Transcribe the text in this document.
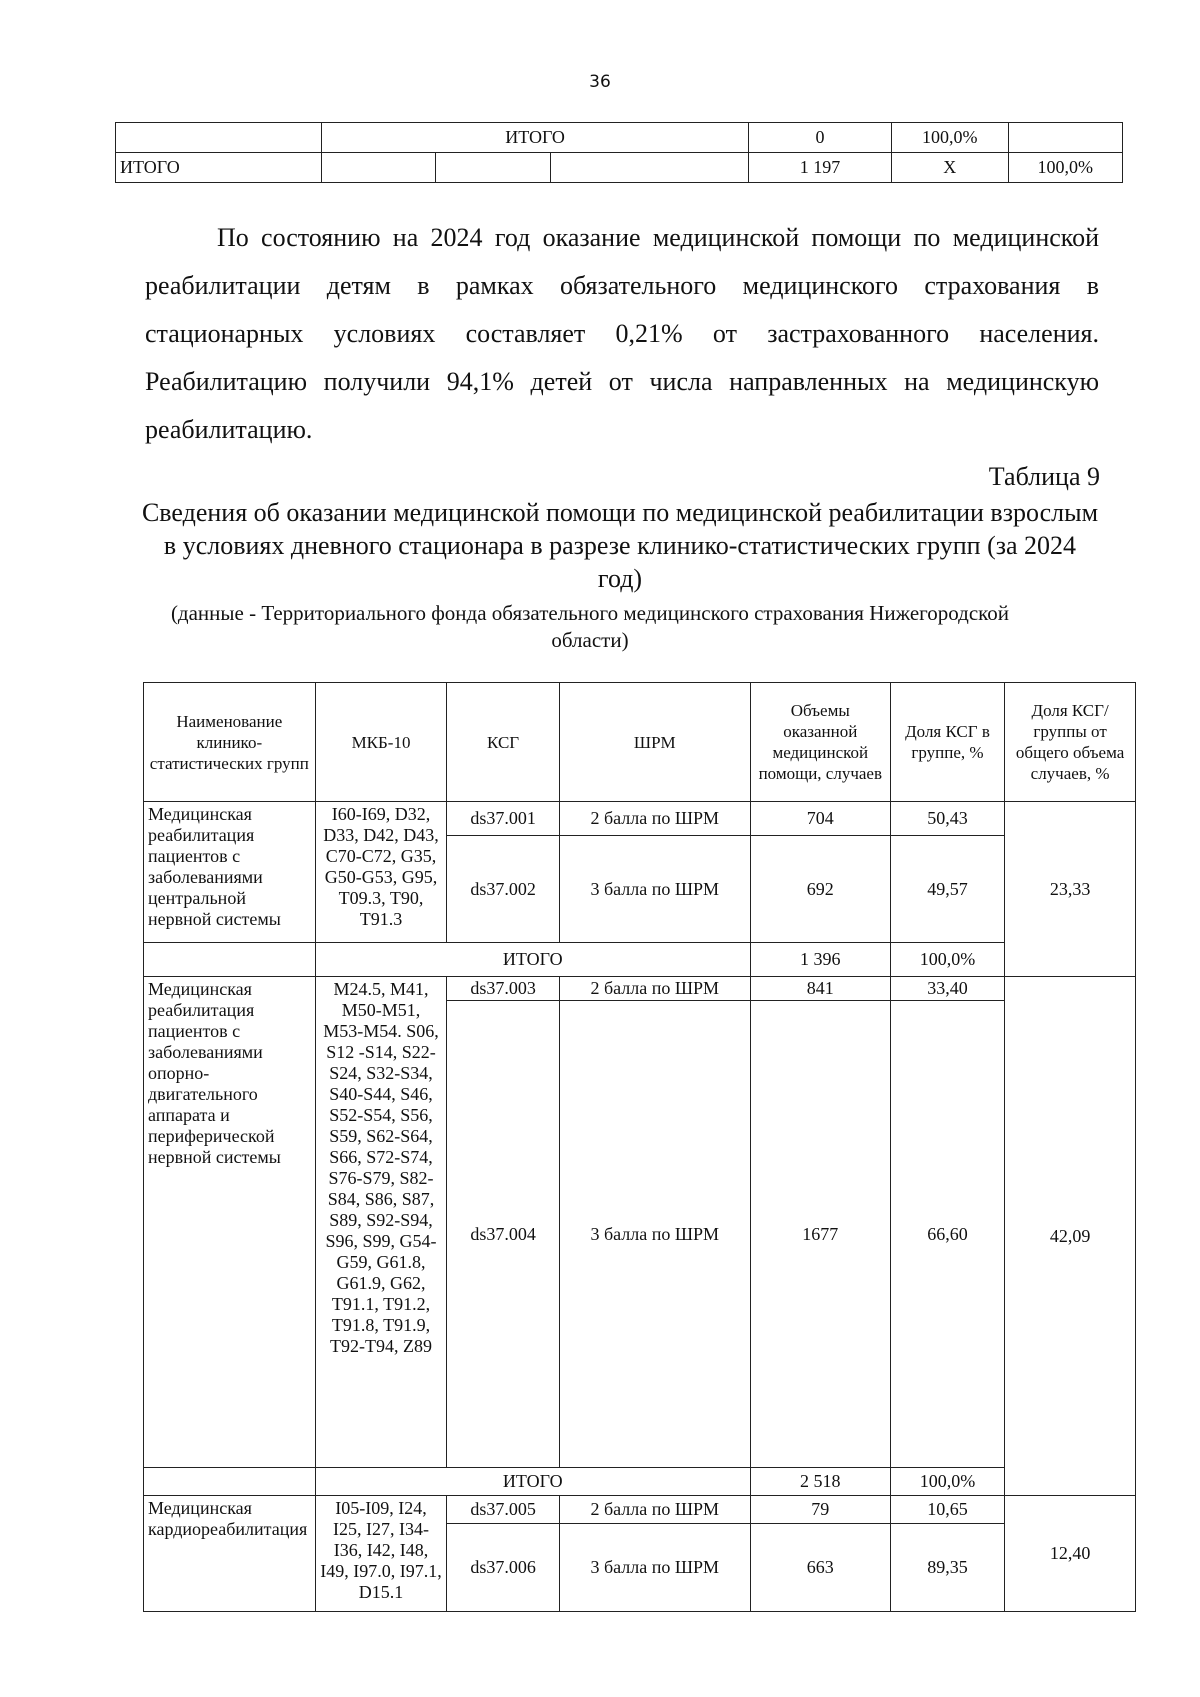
36
	ИТОГО			0	100,0%	
ИТОГО				1 197	Х	100,0%
По состоянию на 2024 год оказание медицинской помощи по медицинской реабилитации детям в рамках обязательного медицинского страхования в стационарных условиях составляет 0,21% от застрахованного населения. Реабилитацию получили 94,1% детей от числа направленных на медицинскую реабилитацию.
Таблица 9
Сведения об оказании медицинской помощи по медицинской реабилитации взрослым в условиях дневного стационара в разрезе клинико-статистических групп (за 2024 год)
(данные - Территориального фонда обязательного медицинского страхования Нижегородской области)
Наименование клинико-статистических групп	МКБ-10	КСГ	ШРМ	Объемы оказанной медицинской помощи, случаев	Доля КСГ в группе, %	Доля КСГ/группы от общего объема случаев, %
Медицинская реабилитация пациентов с заболеваниями центральной нервной системы	I60-I69, D32, D33, D42, D43, C70-C72, G35, G50-G53, G95, T09.3, T90, T91.3	ds37.001	2 балла по ШРМ	704	50,43	23,33
		ds37.002	3 балла по ШРМ	692	49,57	
	ИТОГО			1 396	100,0%	
Медицинская реабилитация пациентов с заболеваниями опорно-двигательного аппарата и периферической нервной системы	M24.5, M41, M50-M51, M53-M54. S06, S12 -S14, S22-S24, S32-S34, S40-S44, S46, S52-S54, S56, S59, S62-S64, S66, S72-S74, S76-S79, S82-S84, S86, S87, S89, S92-S94, S96, S99, G54-G59, G61.8, G61.9, G62, T91.1, T91.2, T91.8, T91.9, T92-T94, Z89	ds37.003	2 балла по ШРМ	841	33,40	42,09
		ds37.004	3 балла по ШРМ	1677	66,60	
	ИТОГО			2 518	100,0%	
Медицинская кардиореабилитация	I05-I09, I24, I25, I27, I34-I36, I42, I48, I49, I97.0, I97.1, D15.1	ds37.005	2 балла по ШРМ	79	10,65	12,40
		ds37.006	3 балла по ШРМ	663	89,35	
